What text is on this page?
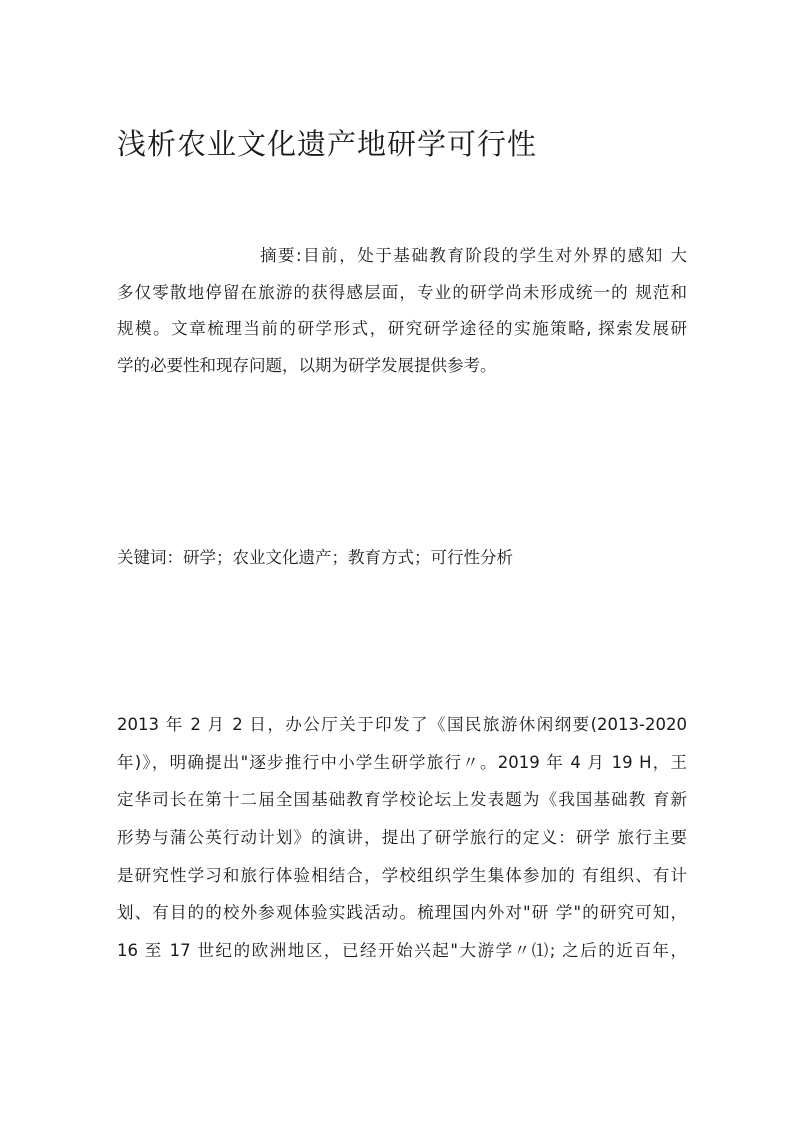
浅析农业文化遗产地研学可行性
摘要:目前，处于基础教育阶段的学生对外界的感知 大
多仅零散地停留在旅游的获得感层面，专业的研学尚未形成统一的 规范和
规模。文章梳理当前的研学形式，研究研学途径的实施策略, 探索发展研
学的必要性和现存问题，以期为研学发展提供参考。
关键词：研学；农业文化遗产；教育方式；可行性分析
2013 年 2 月 2 日，办公厅关于印发了《国民旅游休闲纲要(2013-2020
年)》，明确提出"逐步推行中小学生研学旅行〃。2019 年 4 月 19 H，王
定华司长在第十二届全国基础教育学校论坛上发表题为《我国基础教 育新
形势与蒲公英行动计划》的演讲，提出了研学旅行的定义：研学 旅行主要
是研究性学习和旅行体验相结合，学校组织学生集体参加的 有组织、有计
划、有目的的校外参观体验实践活动。梳理国内外对"研 学"的研究可知，
16 至 17 世纪的欧洲地区，已经开始兴起"大游学〃⑴; 之后的近百年，
